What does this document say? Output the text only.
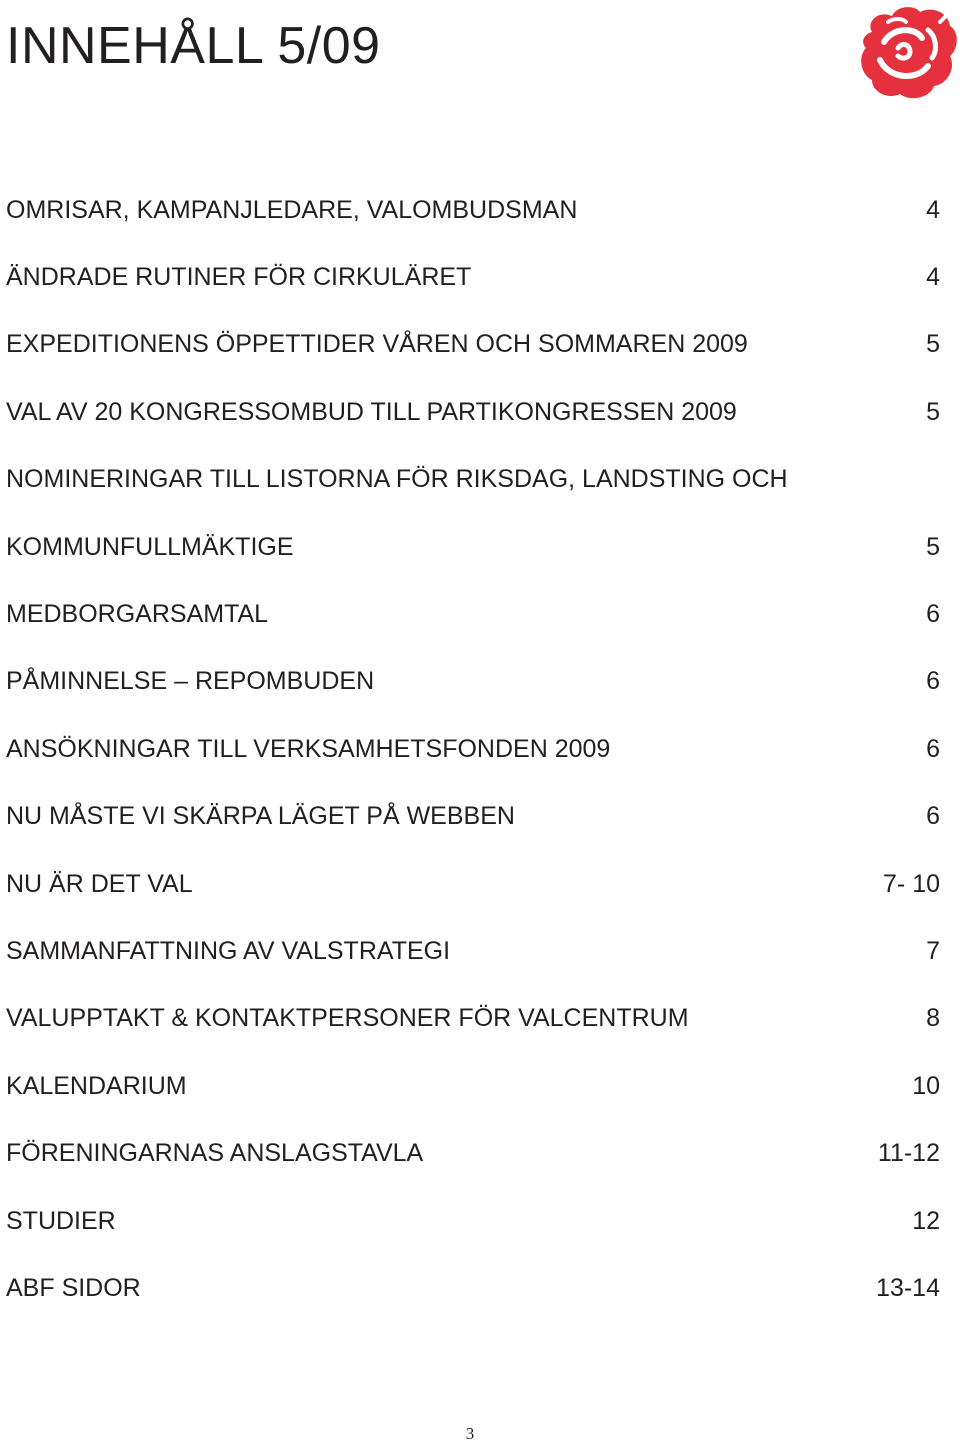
INNEHÅLL 5/09
OMRISAR, KAMPANJLEDARE, VALOMBUDSMAN	4
ÄNDRADE RUTINER FÖR CIRKULÄRET	4
EXPEDITIONENS ÖPPETTIDER VÅREN OCH SOMMAREN 2009	5
VAL AV 20 KONGRESSOMBUD TILL PARTIKONGRESSEN 2009	5
NOMINERINGAR TILL LISTORNA FÖR RIKSDAG, LANDSTING OCH
KOMMUNFULLMÄKTIGE	5
MEDBORGARSAMTAL	6
PÅMINNELSE – REPOMBUDEN	6
ANSÖKNINGAR TILL VERKSAMHETSFONDEN 2009	6
NU MÅSTE VI SKÄRPA LÄGET PÅ WEBBEN	6
NU ÄR DET VAL	7- 10
SAMMANFATTNING AV VALSTRATEGI	7
VALUPPTAKT & KONTAKTPERSONER FÖR VALCENTRUM	8
KALENDARIUM	10
FÖRENINGARNAS ANSLAGSTAVLA	11-12
STUDIER	12
ABF SIDOR	13-14
3
